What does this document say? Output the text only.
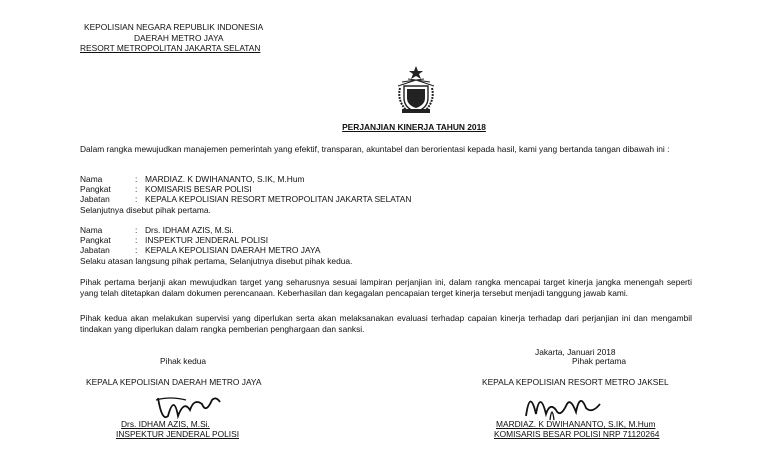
KEPOLISIAN NEGARA REPUBLIK INDONESIA
DAERAH METRO JAYA
RESORT METROPOLITAN JAKARTA SELATAN
PERJANJIAN KINERJA TAHUN 2018
Dalam rangka mewujudkan manajemen pemerintah yang efektif, transparan, akuntabel dan berorientasi kepada hasil, kami yang bertanda tangan dibawah ini :
Nama	: MARDIAZ. K DWIHANANTO, S.IK, M.Hum
Pangkat	: KOMISARIS BESAR POLISI
Jabatan	: KEPALA KEPOLISIAN RESORT METROPOLITAN JAKARTA SELATAN
Selanjutnya disebut pihak pertama.
Nama	: Drs. IDHAM AZIS, M.Si.
Pangkat	: INSPEKTUR JENDERAL POLISI
Jabatan	: KEPALA KEPOLISIAN DAERAH METRO JAYA
Selaku atasan langsung pihak pertama, Selanjutnya disebut pihak kedua.
Pihak pertama berjanji akan mewujudkan target yang seharusnya sesuai lampiran perjanjian ini, dalam rangka mencapai target kinerja jangka menengah seperti yang telah ditetapkan dalam dokumen perencanaan. Keberhasilan dan kegagalan pencapaian terget kinerja tersebut menjadi tanggung jawab kami.
Pihak kedua akan melakukan supervisi yang diperlukan serta akan melaksanakan evaluasi terhadap capaian kinerja terhadap dari perjanjian ini dan mengambil tindakan yang diperlukan dalam rangka pemberian penghargaan dan sanksi.
Jakarta, Januari 2018
Pihak kedua	Pihak pertama
KEPALA KEPOLISIAN DAERAH METRO JAYA	KEPALA KEPOLISIAN RESORT METRO JAKSEL
Drs. IDHAM AZIS, M.Si.
INSPEKTUR JENDERAL POLISI
MARDIAZ. K DWIHANANTO, S.IK, M.Hum
KOMISARIS BESAR POLISI NRP 71120264
